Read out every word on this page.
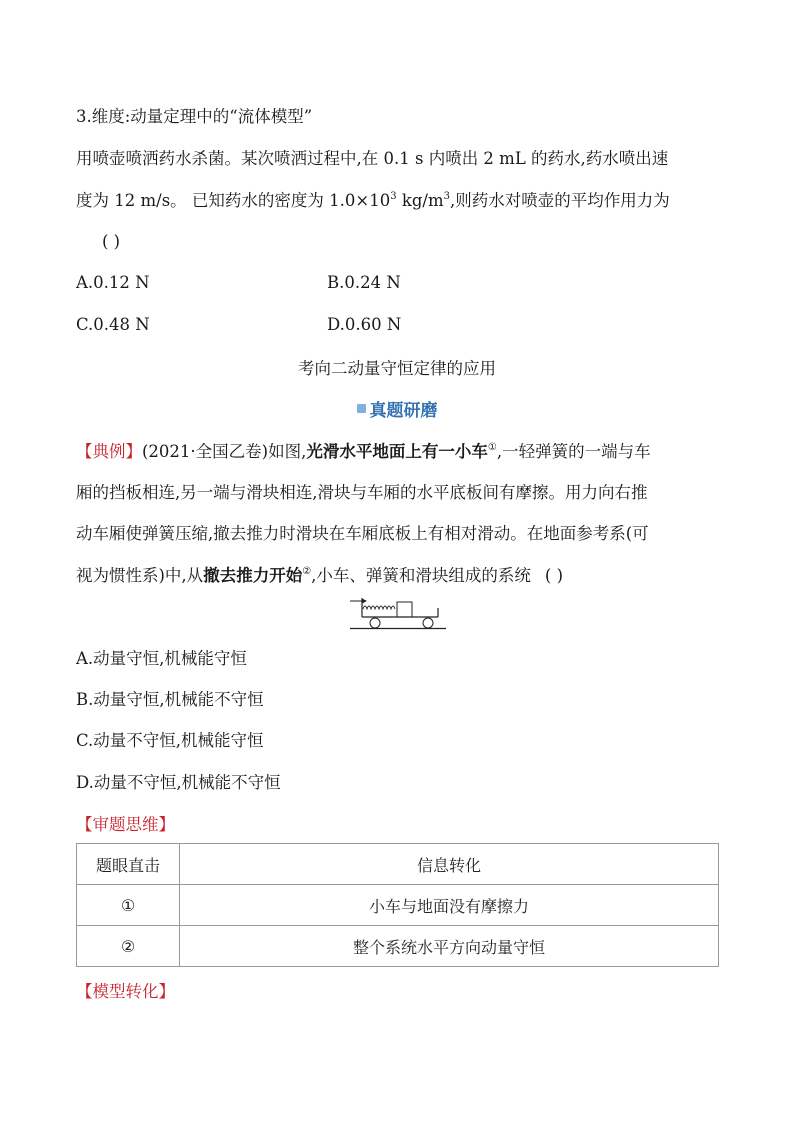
3.维度:动量定理中的“流体模型”
用喷壶喷洒药水杀菌。某次喷洒过程中,在 0.1 s 内喷出 2 mL 的药水,药水喷出速
度为 12 m/s。 已知药水的密度为 $1.0\times 10^3$ $kg/m^3$,则药水对喷壶的平均作用力为
( )
A.0.12 N	B.0.24 N
C.0.48 N	D.0.60 N
考向二动量守恒定律的应用
真题研磨
【典例】(2021·全国乙卷)如图,光滑水平地面上有一小车①,一轻弹簧的一端与车
厢的挡板相连,另一端与滑块相连,滑块与车厢的水平底板间有摩擦。用力向右推
动车厢使弹簧压缩,撤去推力时滑块在车厢底板上有相对滑动。在地面参考系(可
视为惯性系)中,从撤去推力开始②,小车、弹簧和滑块组成的系统 ( )
A.动量守恒,机械能守恒
B.动量守恒,机械能不守恒
C.动量不守恒,机械能守恒
D.动量不守恒,机械能不守恒
【审题思维】
题眼直击	信息转化
①	小车与地面没有摩擦力
②	整个系统水平方向动量守恒
【模型转化】
